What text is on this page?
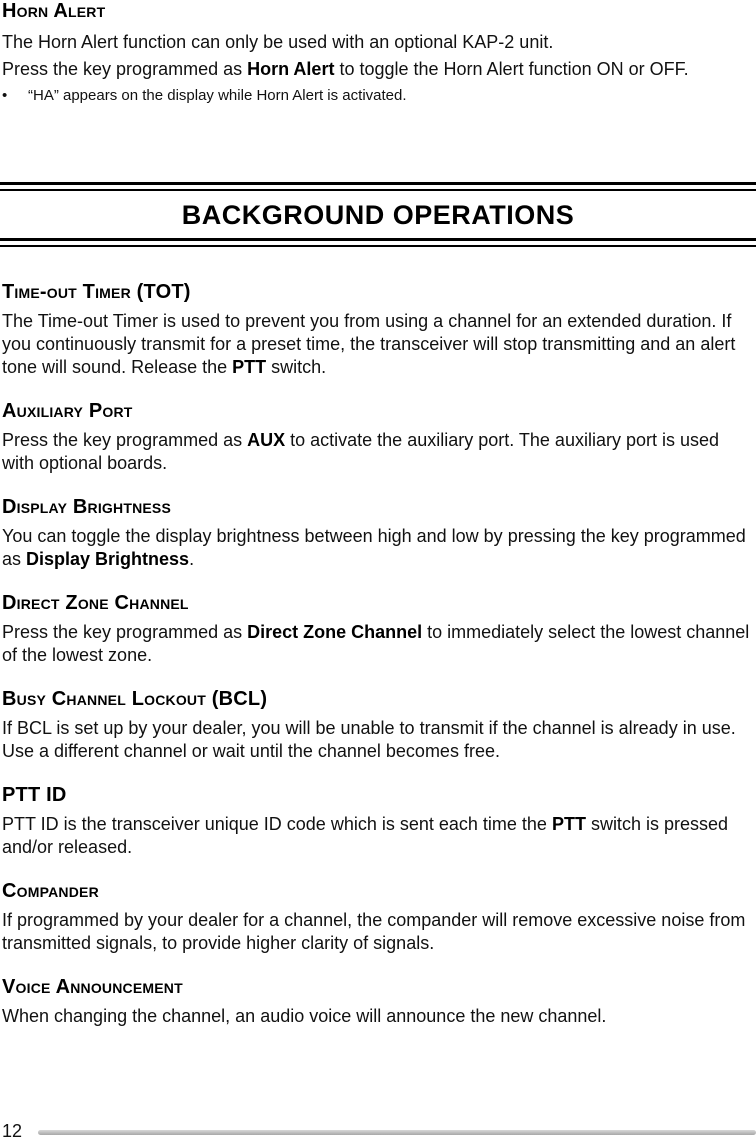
Horn Alert

The Horn Alert function can only be used with an optional KAP-2 unit.

Press the key programmed as Horn Alert to toggle the Horn Alert function ON or OFF.

•	“HA” appears on the display while Horn Alert is activated.
BACKGROUND OPERATIONS
Time-out Timer (TOT)

The Time-out Timer is used to prevent you from using a channel for an extended duration. If you continuously transmit for a preset time, the transceiver will stop transmitting and an alert tone will sound. Release the PTT switch.

Auxiliary Port

Press the key programmed as AUX to activate the auxiliary port. The auxiliary port is used with optional boards.

Display Brightness

You can toggle the display brightness between high and low by pressing the key programmed as Display Brightness.

Direct Zone Channel

Press the key programmed as Direct Zone Channel to immediately select the lowest channel of the lowest zone.

Busy Channel Lockout (BCL)

If BCL is set up by your dealer, you will be unable to transmit if the channel is already in use. Use a different channel or wait until the channel becomes free.

PTT ID

PTT ID is the transceiver unique ID code which is sent each time the PTT switch is pressed and/or released.

Compander

If programmed by your dealer for a channel, the compander will remove excessive noise from transmitted signals, to provide higher clarity of signals.

Voice Announcement

When changing the channel, an audio voice will announce the new channel.

12
